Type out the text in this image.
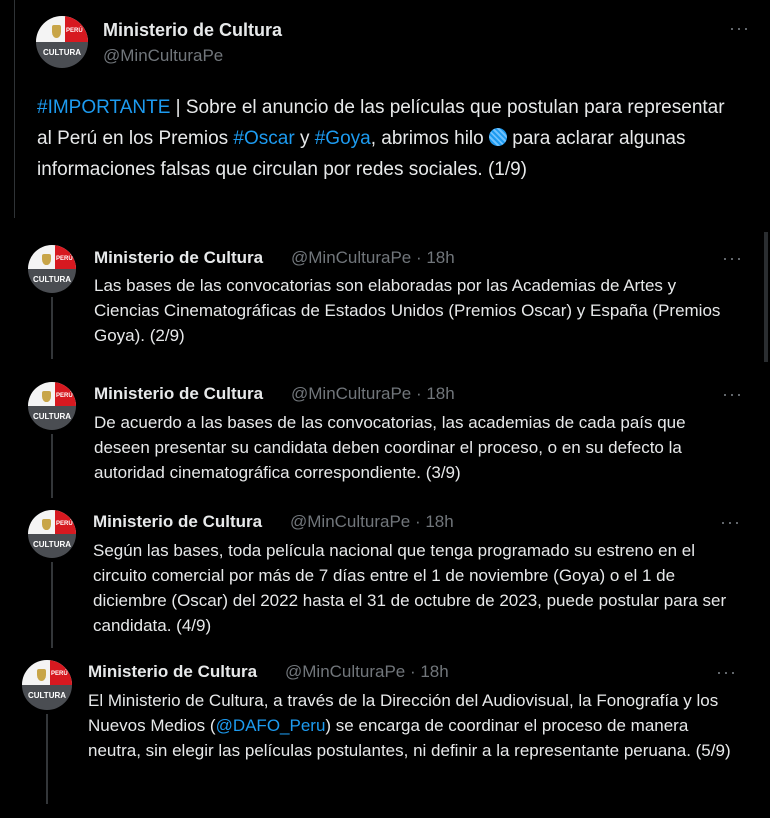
PERÚ
CULTURA
Ministerio de Cultura
@MinCulturaPe
···
#IMPORTANTE | Sobre el anuncio de las películas que postulan para representar al Perú en los Premios #Oscar y #Goya, abrimos hilo  para aclarar algunas informaciones falsas que circulan por redes sociales. (1/9)
PERÚ
CULTURA
Ministerio de Cultura @MinCulturaPe · 18h	···
Las bases de las convocatorias son elaboradas por las Academias de Artes y Ciencias Cinematográficas de Estados Unidos (Premios Oscar) y España (Premios Goya). (2/9)
PERÚ
CULTURA
Ministerio de Cultura @MinCulturaPe · 18h	···
De acuerdo a las bases de las convocatorias, las academias de cada país que deseen presentar su candidata deben coordinar el proceso, o en su defecto la autoridad cinematográfica correspondiente. (3/9)
PERÚ
CULTURA
Ministerio de Cultura @MinCulturaPe · 18h	···
Según las bases, toda película nacional que tenga programado su estreno en el circuito comercial por más de 7 días entre el 1 de noviembre (Goya) o el 1 de diciembre (Oscar) del 2022 hasta el 31 de octubre de 2023, puede postular para ser candidata. (4/9)
PERÚ
CULTURA
Ministerio de Cultura @MinCulturaPe · 18h	···
El Ministerio de Cultura, a través de la Dirección del Audiovisual, la Fonografía y los Nuevos Medios (@DAFO_Peru) se encarga de coordinar el proceso de manera neutra, sin elegir las películas postulantes, ni definir a la representante peruana. (5/9)
